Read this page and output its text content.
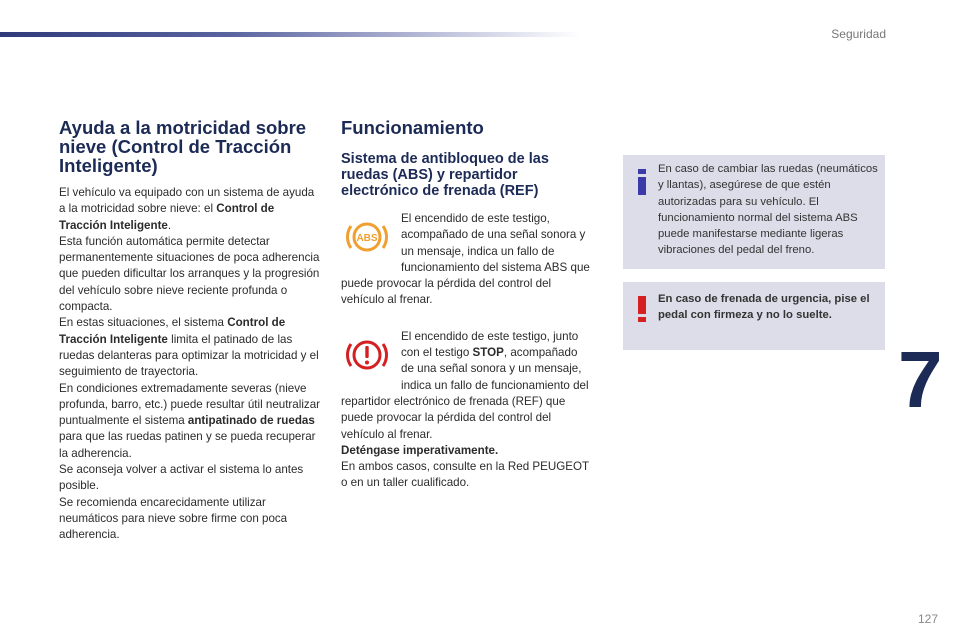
Seguridad
7
Ayuda a la motricidad sobre nieve (Control de Tracción Inteligente)

El vehículo va equipado con un sistema de ayuda a la motricidad sobre nieve: el Control de Tracción Inteligente.

Esta función automática permite detectar permanentemente situaciones de poca adherencia que pueden dificultar los arranques y la progresión del vehículo sobre nieve reciente profunda o compacta.

En estas situaciones, el sistema Control de Tracción Inteligente limita el patinado de las ruedas delanteras para optimizar la motricidad y el seguimiento de trayectoria.

En condiciones extremadamente severas (nieve profunda, barro, etc.) puede resultar útil neutralizar puntualmente el sistema antipatinado de ruedas para que las ruedas patinen y se pueda recuperar la adherencia.

Se aconseja volver a activar el sistema lo antes posible.

Se recomienda encarecidamente utilizar neumáticos para nieve sobre firme con poca adherencia.

Funcionamiento
Sistema de antibloqueo de las ruedas (ABS) y repartidor electrónico de frenada (REF)
ABS

El encendido de este testigo, acompañado de una señal sonora y un mensaje, indica un fallo de funcionamiento del sistema ABS que puede provocar la pérdida del control del vehículo al frenar.

El encendido de este testigo, junto con el testigo STOP, acompañado de una señal sonora y un mensaje, indica un fallo de funcionamiento del repartidor electrónico de frenada (REF) que puede provocar la pérdida del control del vehículo al frenar.

Deténgase imperativamente.

En ambos casos, consulte en la Red PEUGEOT o en un taller cualificado.

En caso de cambiar las ruedas (neumáticos y llantas), asegúrese de que estén autorizadas para su vehículo. El funcionamiento normal del sistema ABS puede manifestarse mediante ligeras vibraciones del pedal del freno.
En caso de frenada de urgencia, pise el pedal con firmeza y no lo suelte.
127
